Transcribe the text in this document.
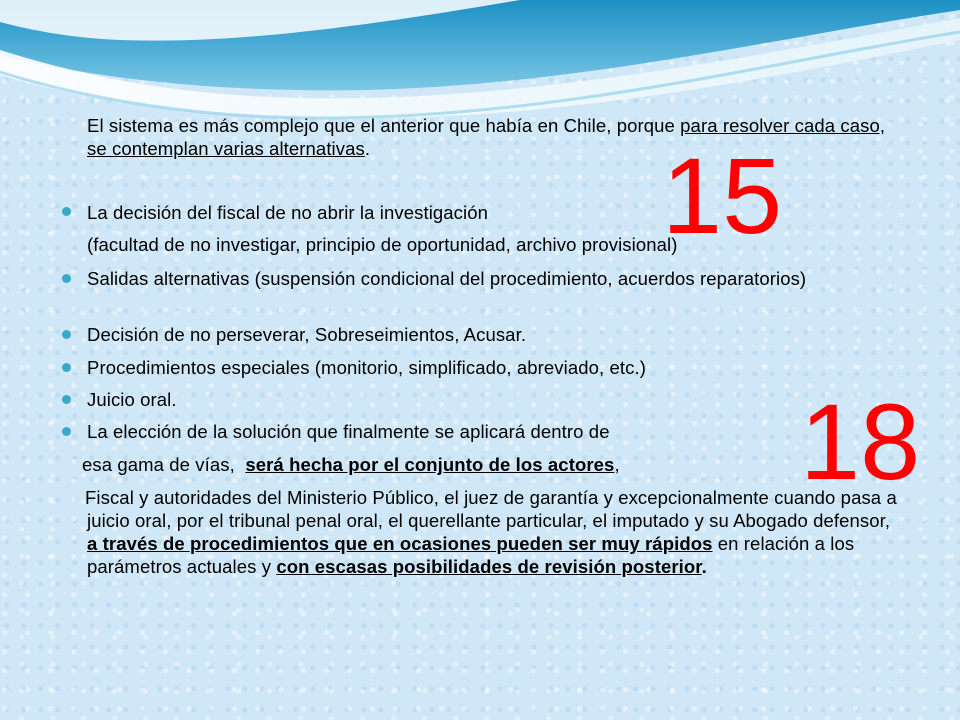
El sistema es más complejo que el anterior que había en Chile, porque para resolver cada caso, se contemplan varias alternativas.
La decisión del fiscal de no abrir la investigación
(facultad de no investigar, principio de oportunidad, archivo provisional)
Salidas alternativas (suspensión condicional del procedimiento, acuerdos reparatorios)
Decisión de no perseverar, Sobreseimientos, Acusar.
Procedimientos especiales (monitorio, simplificado, abreviado, etc.)
Juicio oral.
La elección de la solución que finalmente se aplicará dentro de
esa gama de vías,  será hecha por el conjunto de los actores,
Fiscal y autoridades del Ministerio Público, el juez de garantía y excepcionalmente cuando pasa a juicio oral, por el tribunal penal oral, el querellante particular, el imputado y su Abogado defensor, a través de procedimientos que en ocasiones pueden ser muy rápidos en relación a los parámetros actuales y con escasas posibilidades de revisión posterior.
15
18
